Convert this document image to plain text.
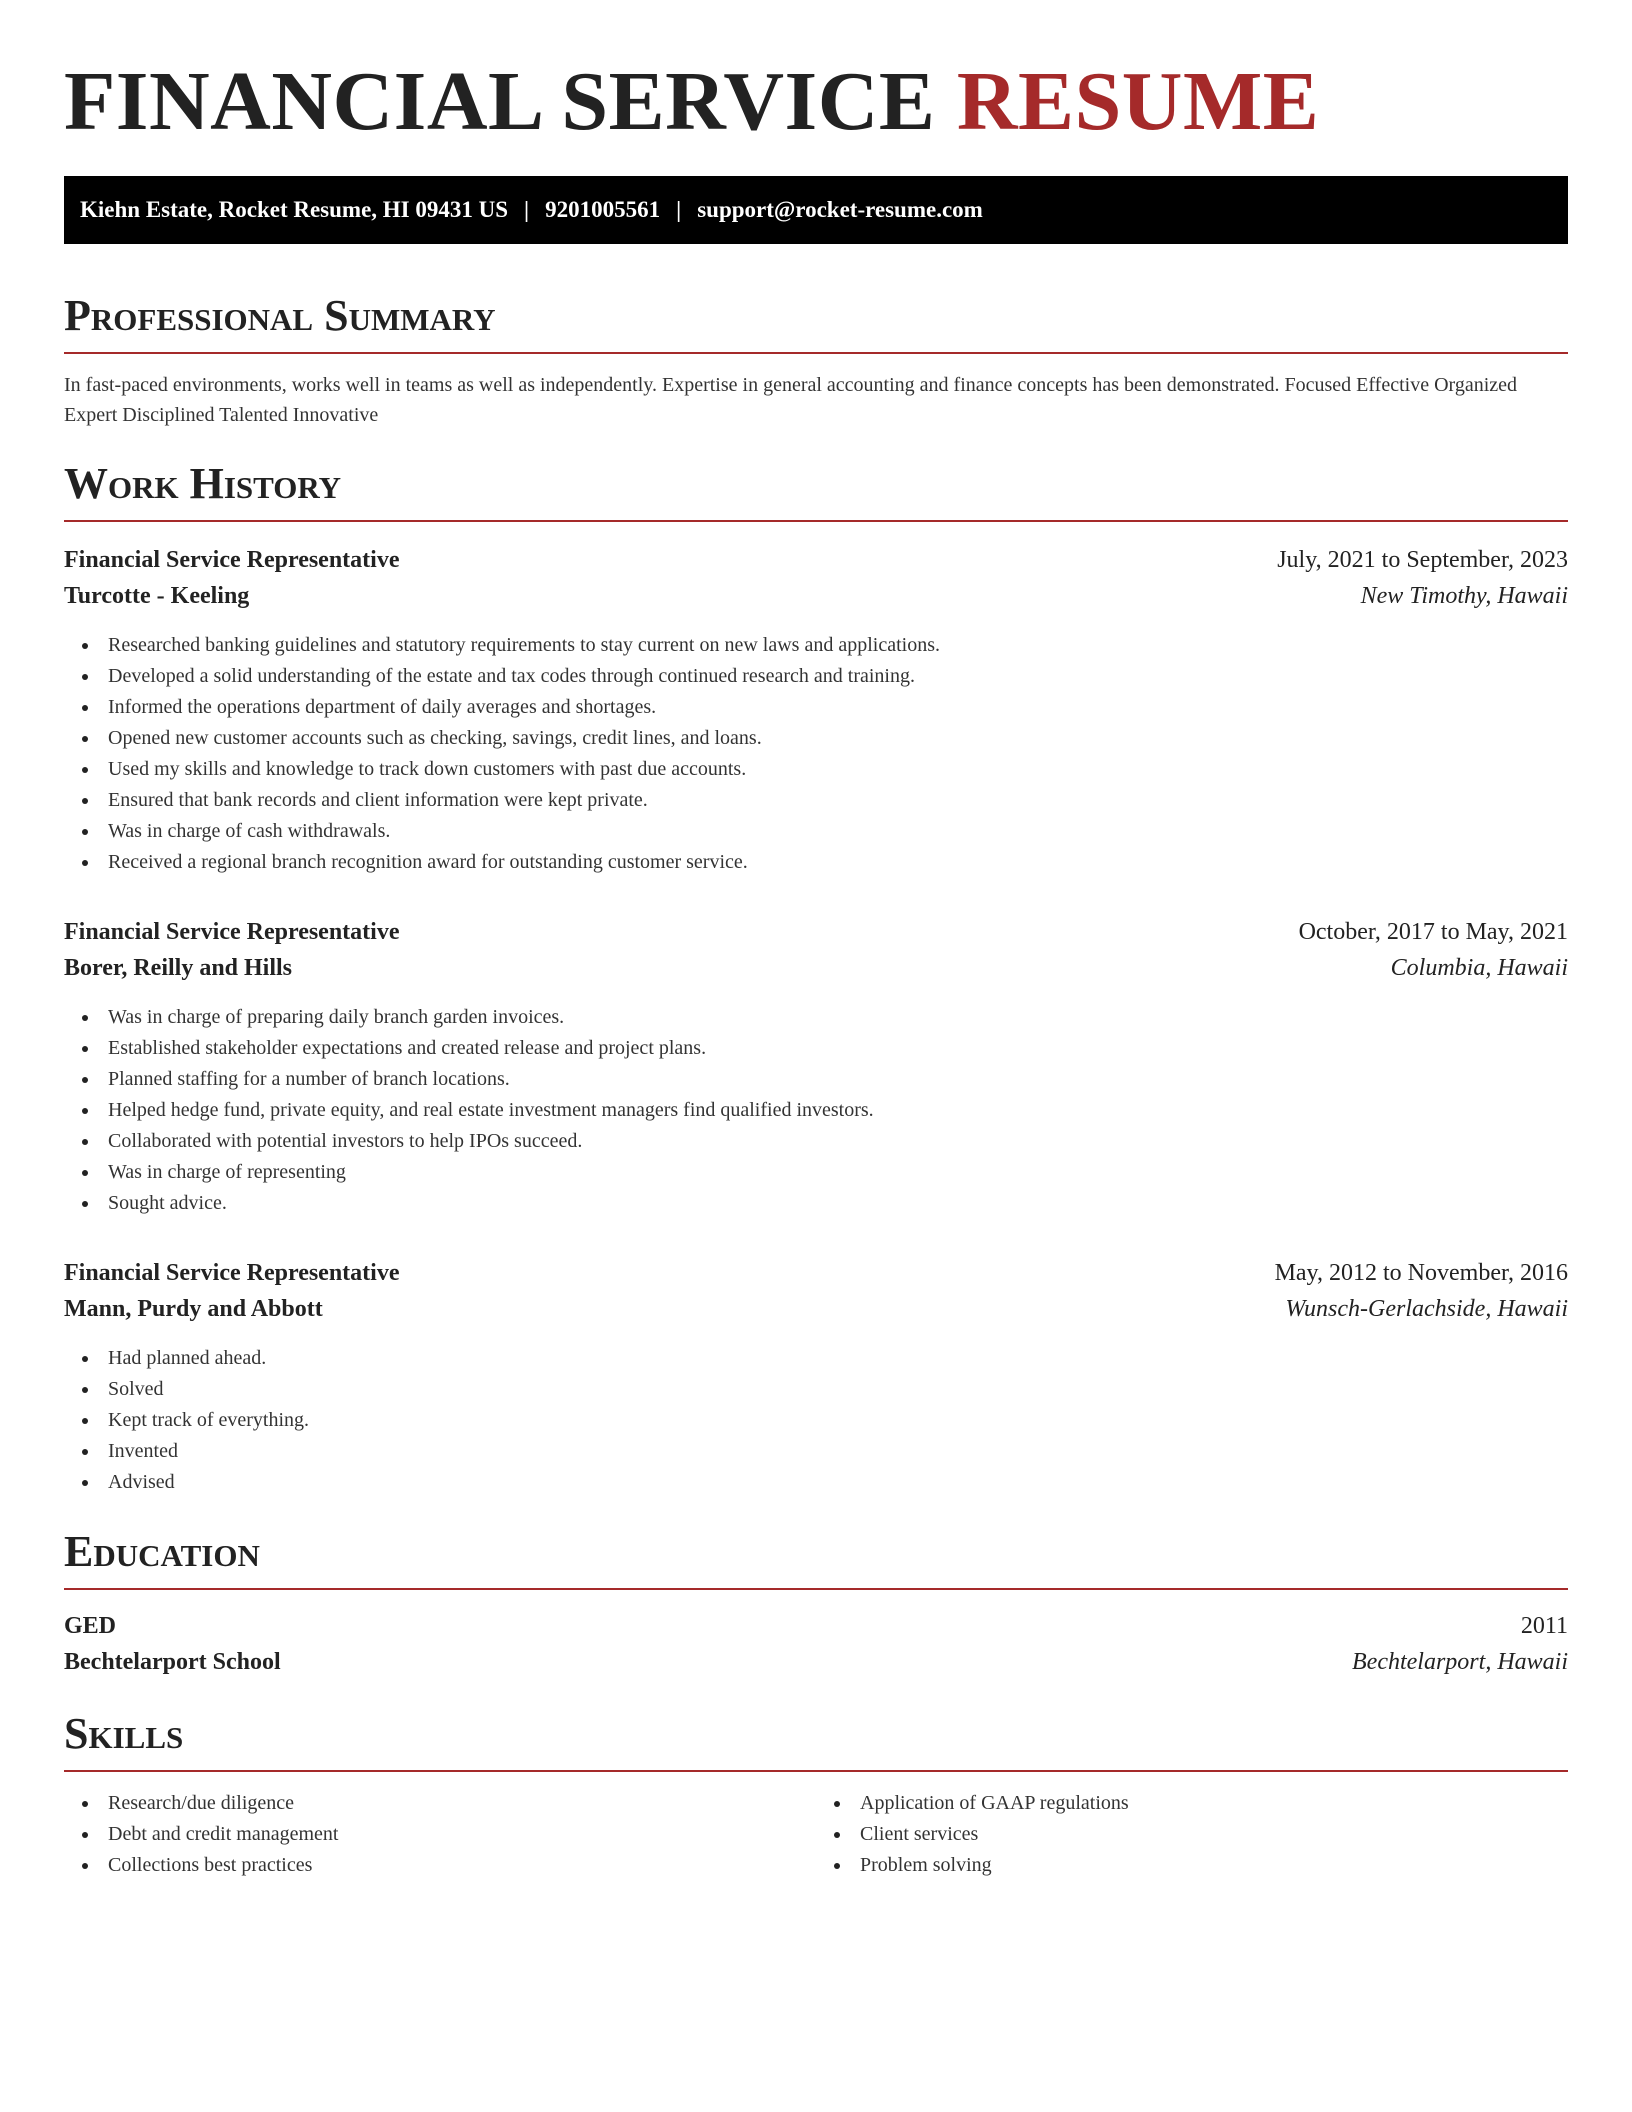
FINANCIAL SERVICE RESUME
Kiehn Estate, Rocket Resume, HI 09431 US | 9201005561 | support@rocket-resume.com
Professional Summary

In fast-paced environments, works well in teams as well as independently. Expertise in general accounting and finance concepts has been demonstrated. Focused Effective Organized Expert Disciplined Talented Innovative

Work History
Financial Service Representative	July, 2021 to September, 2023
Turcotte - Keeling	New Timothy, Hawaii
Researched banking guidelines and statutory requirements to stay current on new laws and applications.
Developed a solid understanding of the estate and tax codes through continued research and training.
Informed the operations department of daily averages and shortages.
Opened new customer accounts such as checking, savings, credit lines, and loans.
Used my skills and knowledge to track down customers with past due accounts.
Ensured that bank records and client information were kept private.
Was in charge of cash withdrawals.
Received a regional branch recognition award for outstanding customer service.
Financial Service Representative	October, 2017 to May, 2021
Borer, Reilly and Hills	Columbia, Hawaii
Was in charge of preparing daily branch garden invoices.
Established stakeholder expectations and created release and project plans.
Planned staffing for a number of branch locations.
Helped hedge fund, private equity, and real estate investment managers find qualified investors.
Collaborated with potential investors to help IPOs succeed.
Was in charge of representing
Sought advice.
Financial Service Representative	May, 2012 to November, 2016
Mann, Purdy and Abbott	Wunsch-Gerlachside, Hawaii
Had planned ahead.
Solved
Kept track of everything.
Invented
Advised
Education
GED	2011
Bechtelarport School	Bechtelarport, Hawaii
Skills
Research/due diligence
Debt and credit management
Collections best practices
Application of GAAP regulations
Client services
Problem solving
